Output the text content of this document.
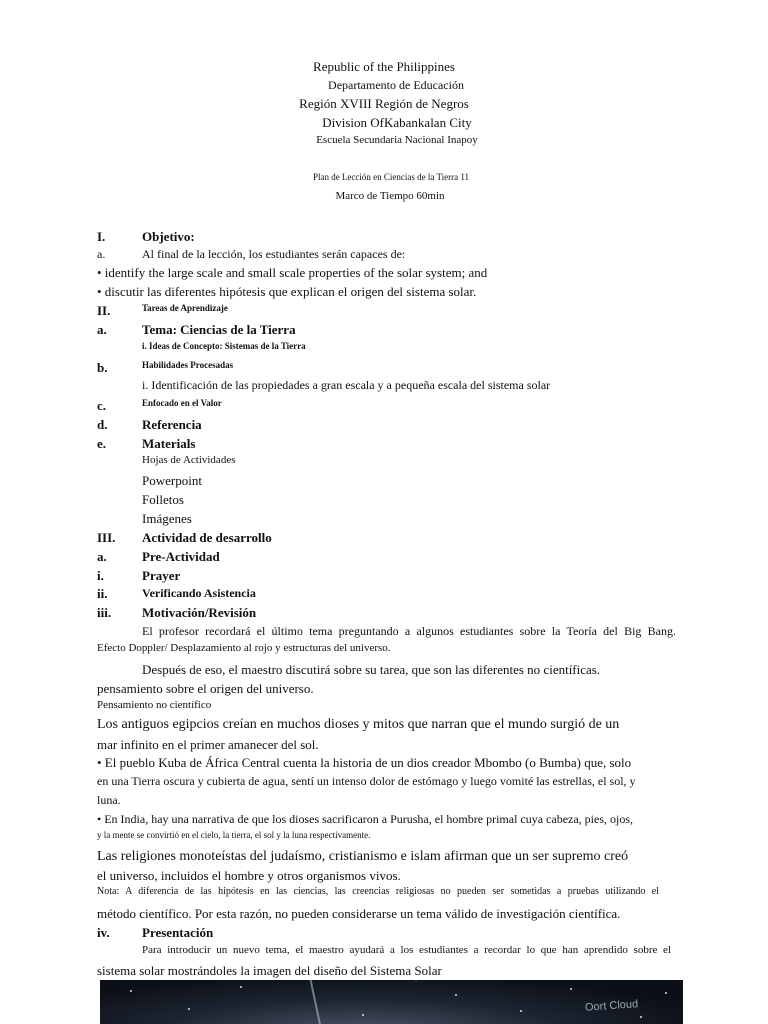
Republic of the Philippines
Departamento de Educación
Región XVIII Región de Negros
Division OfKabankalan City
Escuela Secundaria Nacional Inapoy
Plan de Lección en Ciencias de la Tierra 11
Marco de Tiempo 60min
I.	Objetivo:
a.	Al final de la lección, los estudiantes serán capaces de:
• identify the large scale and small scale properties of the solar system; and
• discutir las diferentes hipótesis que explican el origen del sistema solar.
II.	Tareas de Aprendizaje
a.	Tema: Ciencias de la Tierra
i. Ideas de Concepto: Sistemas de la Tierra
b.	Habilidades Procesadas
i. Identificación de las propiedades a gran escala y a pequeña escala del sistema solar
c.	Enfocado en el Valor
d.	Referencia
e.	Materials
Hojas de Actividades
Powerpoint
Folletos
Imágenes
III. Actividad de desarrollo
a.	Pre-Actividad
i.	Prayer
ii.	Verificando Asistencia
iii. Motivación/Revisión
El profesor recordará el último tema preguntando a algunos estudiantes sobre la Teoría del Big Bang.
Efecto Doppler/ Desplazamiento al rojo y estructuras del universo.
Después de eso, el maestro discutirá sobre su tarea, que son las diferentes no científicas.
pensamiento sobre el origen del universo.
Pensamiento no científico
Los antiguos egipcios creían en muchos dioses y mitos que narran que el mundo surgió de un
mar infinito en el primer amanecer del sol.
• El pueblo Kuba de África Central cuenta la historia de un dios creador Mbombo (o Bumba) que, solo
en una Tierra oscura y cubierta de agua, sentí un intenso dolor de estómago y luego vomité las estrellas, el sol, y
luna.
• En India, hay una narrativa de que los dioses sacrificaron a Purusha, el hombre primal cuya cabeza, pies, ojos,
y la mente se convirtió en el cielo, la tierra, el sol y la luna respectivamente.
Las religiones monoteístas del judaísmo, cristianismo e islam afirman que un ser supremo creó
el universo, incluidos el hombre y otros organismos vivos.
Nota: A diferencia de las hipótesis en las ciencias, las creencias religiosas no pueden ser sometidas a pruebas utilizando el
método científico. Por esta razón, no pueden considerarse un tema válido de investigación científica.
iv. Presentación
Para introducir un nuevo tema, el maestro ayudará a los estudiantes a recordar lo que han aprendido sobre el
sistema solar mostrándoles la imagen del diseño del Sistema Solar
Oort Cloud
